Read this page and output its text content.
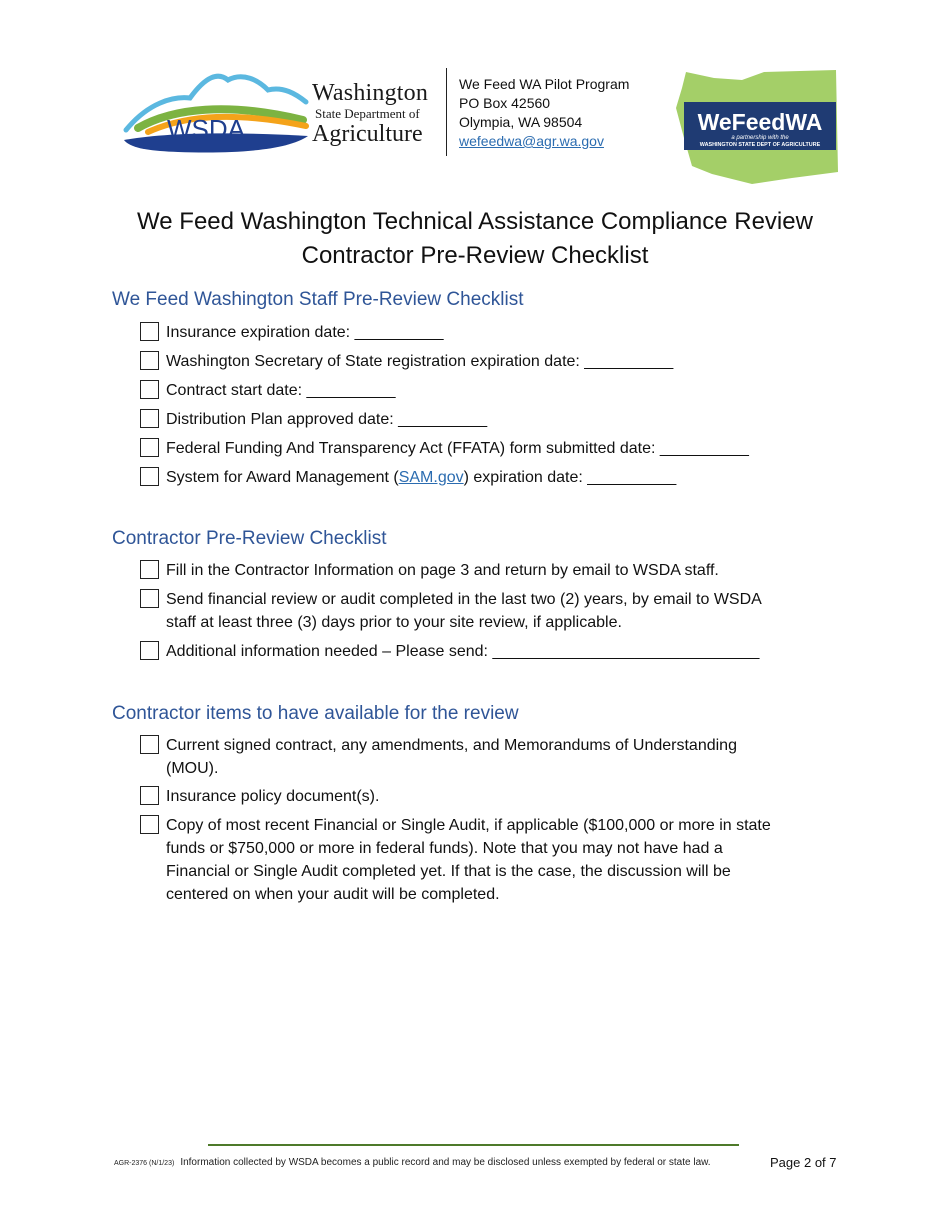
WSDA
Washington
State Department of
Agriculture
We Feed WA Pilot Program
PO Box 42560
Olympia, WA 98504
wefeedwa@agr.wa.gov
WeFeedWA
a partnership with the
WASHINGTON STATE DEPT OF AGRICULTURE
We Feed Washington Technical Assistance Compliance Review
Contractor Pre-Review Checklist
We Feed Washington Staff Pre-Review Checklist
Insurance expiration date: __________
Washington Secretary of State registration expiration date: __________
Contract start date: __________
Distribution Plan approved date: __________
Federal Funding And Transparency Act (FFATA) form submitted date: __________
System for Award Management (SAM.gov) expiration date: __________
Contractor Pre-Review Checklist
Fill in the Contractor Information on page 3 and return by email to WSDA staff.
Send financial review or audit completed in the last two (2) years, by email to WSDA
staff at least three (3) days prior to your site review, if applicable.
Additional information needed – Please send: ______________________________
Contractor items to have available for the review
Current signed contract, any amendments, and Memorandums of Understanding
(MOU).
Insurance policy document(s).
Copy of most recent Financial or Single Audit, if applicable ($100,000 or more in state
funds or $750,000 or more in federal funds). Note that you may not have had a
Financial or Single Audit completed yet. If that is the case, the discussion will be
centered on when your audit will be completed.
AGR-2376 (N/1/23) Information collected by WSDA becomes a public record and may be disclosed unless exempted by federal or state law.	Page 2 of 7
